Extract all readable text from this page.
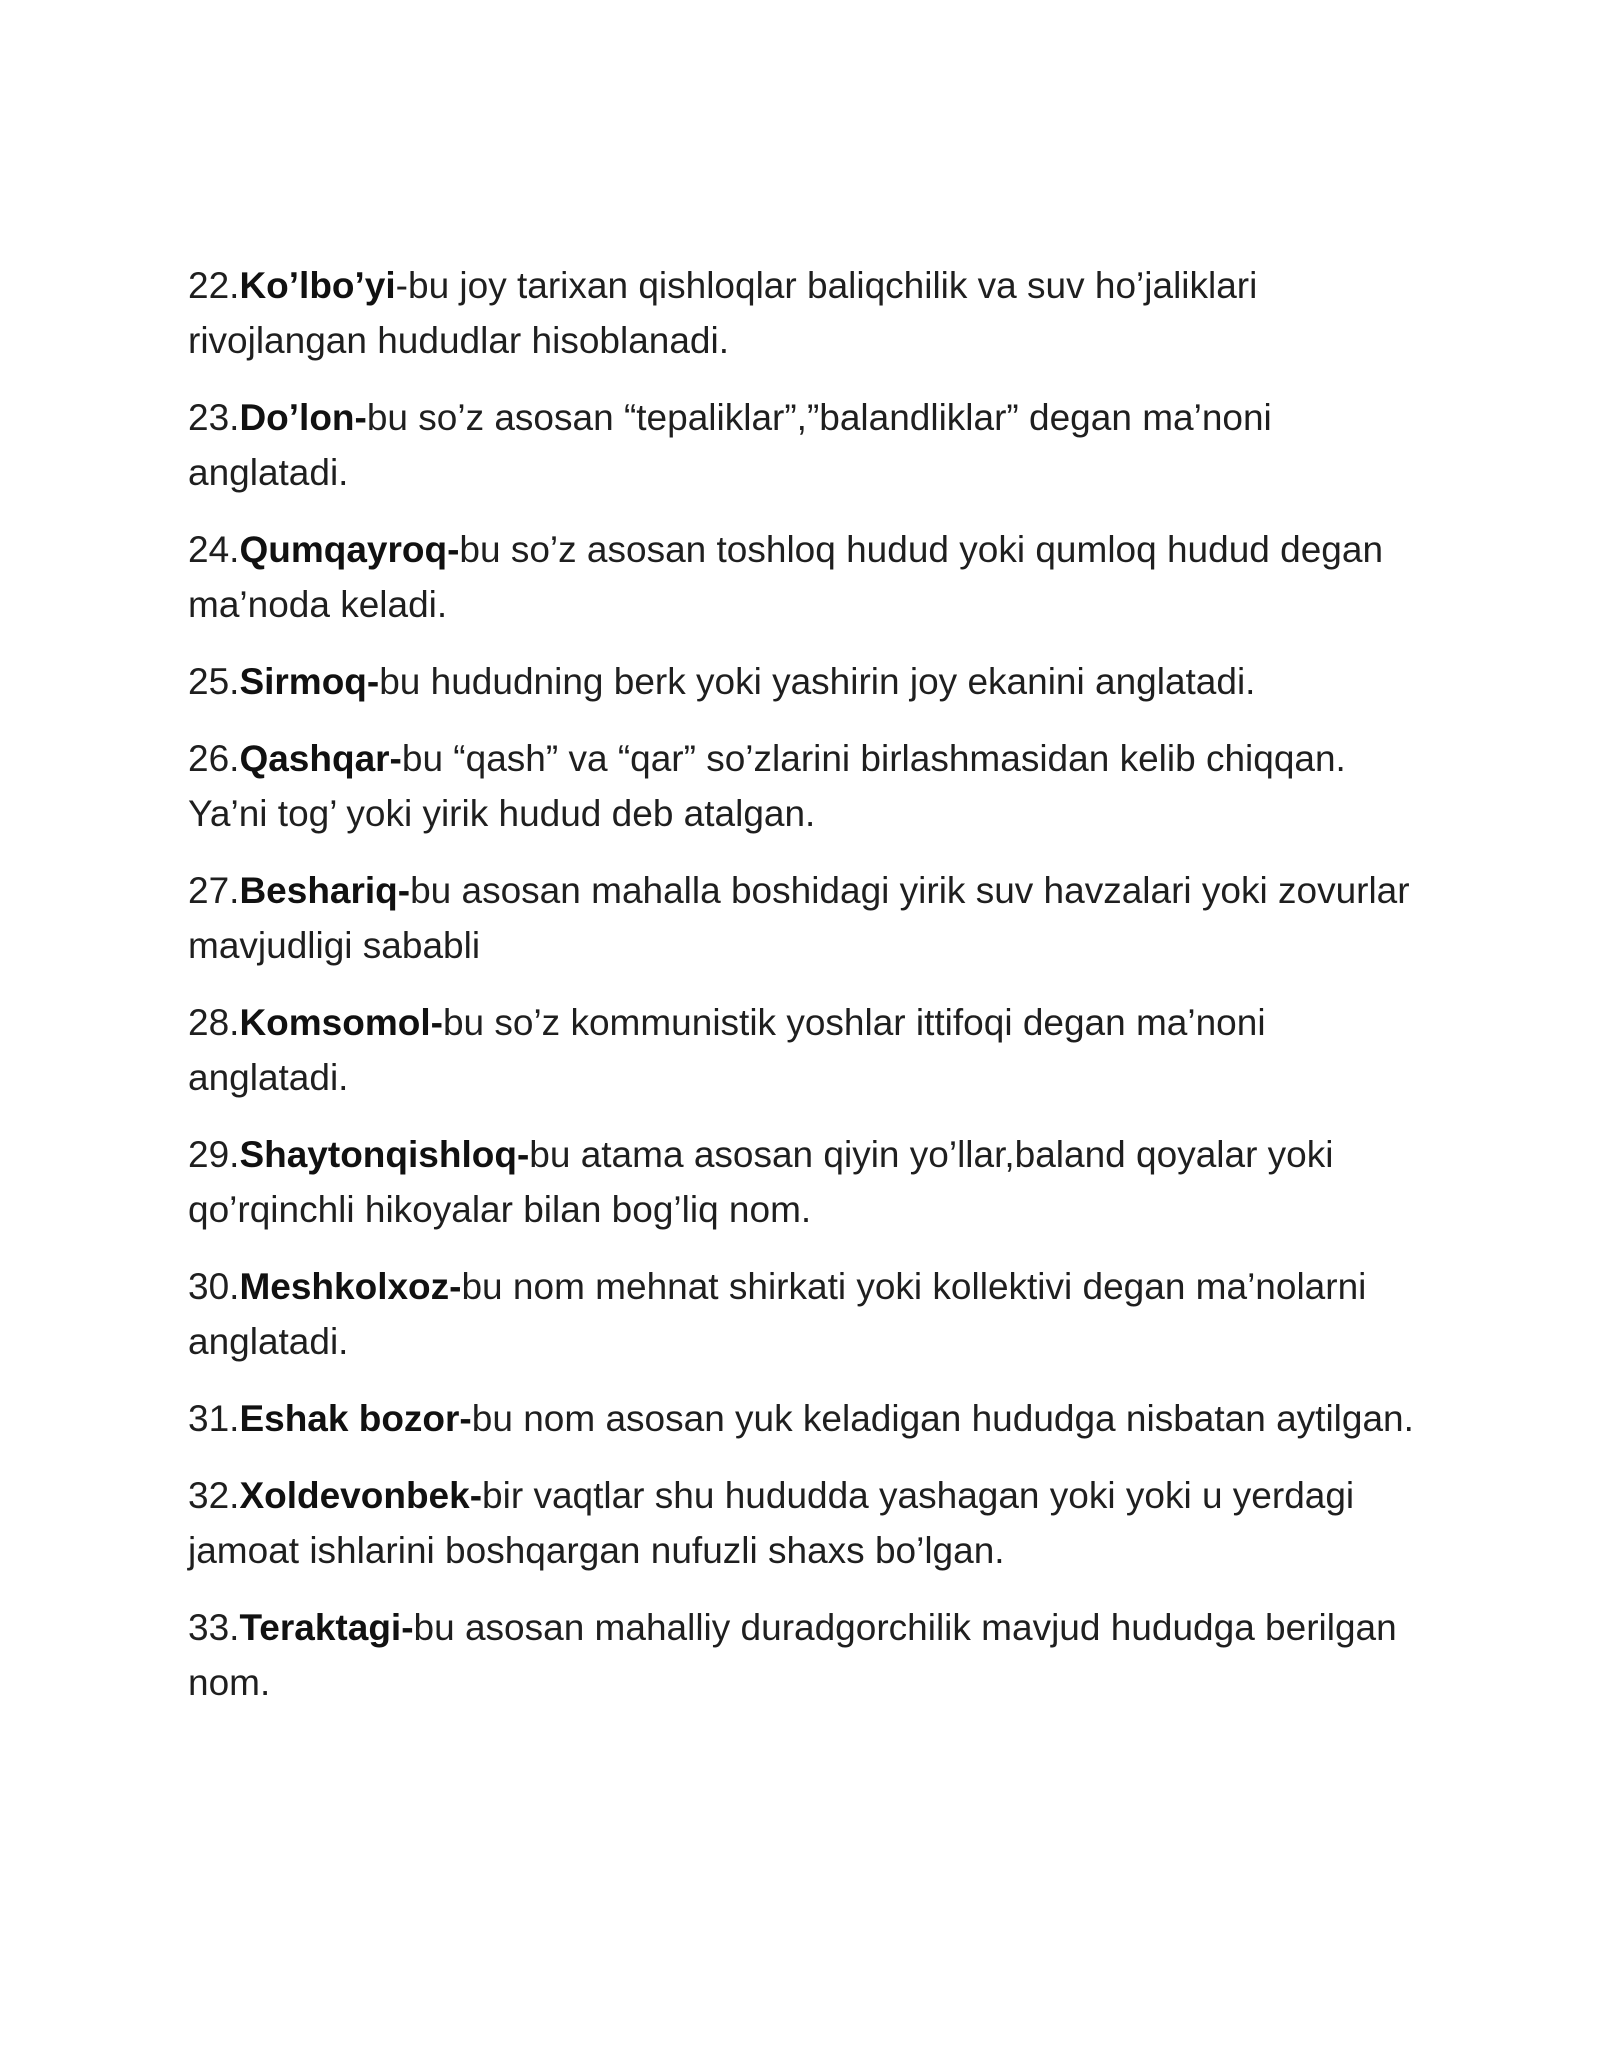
22.Ko’lbo’yi-bu joy tarixan qishloqlar baliqchilik va suv ho’jaliklari rivojlangan hududlar hisoblanadi.

23.Do’lon-bu so’z asosan “tepaliklar”,”balandliklar” degan ma’noni anglatadi.

24.Qumqayroq-bu so’z asosan toshloq hudud yoki qumloq hudud degan ma’noda keladi.

25.Sirmoq-bu hududning berk yoki yashirin joy ekanini anglatadi.

26.Qashqar-bu “qash” va “qar” so’zlarini birlashmasidan kelib chiqqan. Ya’ni tog’ yoki yirik hudud deb atalgan.

27.Beshariq-bu asosan mahalla boshidagi yirik suv havzalari yoki zovurlar mavjudligi sababli

28.Komsomol-bu so’z kommunistik yoshlar ittifoqi degan ma’noni anglatadi.

29.Shaytonqishloq-bu atama asosan qiyin yo’llar,baland qoyalar yoki qo’rqinchli hikoyalar bilan bog’liq nom.

30.Meshkolxoz-bu nom mehnat shirkati yoki kollektivi degan ma’nolarni anglatadi.

31.Eshak bozor-bu nom asosan yuk keladigan hududga nisbatan aytilgan.

32.Xoldevonbek-bir vaqtlar shu hududda yashagan yoki yoki u yerdagi jamoat ishlarini boshqargan nufuzli shaxs bo’lgan.

33.Teraktagi-bu asosan mahalliy duradgorchilik mavjud hududga berilgan nom.
